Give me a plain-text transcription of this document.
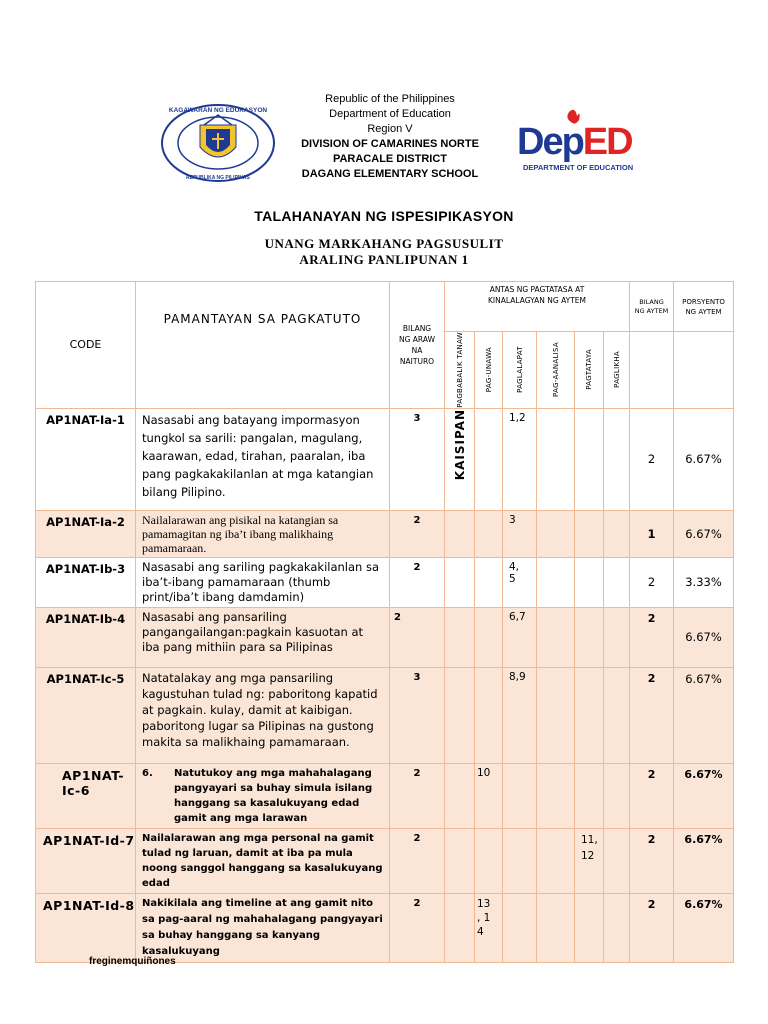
Republic of the Philippines
Department of Education
Region V
DIVISION OF CAMARINES NORTE
PARACALE DISTRICT
DAGANG ELEMENTARY SCHOOL
KAGAWARAN NG EDUKASYON
REPUBLIKA NG PILIPINAS
DepED
DEPARTMENT OF EDUCATION
TALAHANAYAN NG ISPESIPIKASYON
UNANG MARKAHANG PAGSUSULIT
ARALING PANLIPUNAN 1
CODE	PAMANTAYAN SA PAGKATUTO	BILANG NG ARAW NA NAITURO	ANTAS NG PAGTATASA AT KINALALAGYAN NG AYTEM						BILANG NG AYTEM	PORSYENTO NG AYTEM

			PAGBABALIK TANAW	PAG-UNAWA	PAGLALAPAT	PAG-AANALISA	PAGTATAYA	PAGLIKHA		

AP1NAT-Ia-1	Nasasabi ang batayang impormasyon tungkol sa sarili: pangalan, magulang, kaarawan, edad, tirahan, paaralan, iba pang pagkakakilanlan at mga katangian bilang Pilipino.	3	KAISIPAN		1,2				2	6.67%
AP1NAT-Ia-2	Nailalarawan ang pisikal na katangian sa pamamagitan ng iba’t ibang malikhaing pamamaraan.	2			3				1	6.67%
AP1NAT-Ib-3	Nasasabi ang sariling pagkakakilanlan sa iba’t-ibang pamamaraan (thumb print/iba’t ibang damdamin)	2			4, 5				2	3.33%
AP1NAT-Ib-4	Nasasabi ang pansariling pangangailangan:pagkain kasuotan at iba pang mithiin para sa Pilipinas	2			6,7				2	6.67%
AP1NAT-Ic-5	Natatalakay ang mga pansariling kagustuhan tulad ng: paboritong kapatid at pagkain. kulay, damit at kaibigan. paboritong lugar sa Pilipinas na gustong makita sa malikhaing pamamaraan.	3			8,9				2	6.67%
AP1NAT-Ic-6	6. Natutukoy ang mga mahahalagang pangyayari sa buhay simula isilang hanggang sa kasalukuyang edad gamit ang mga larawan	2		10					2	6.67%
AP1NAT-Id-7	Nailalarawan ang mga personal na gamit tulad ng laruan, damit at iba pa mula noong sanggol hanggang sa kasalukuyang edad	2					11, 12		2	6.67%
AP1NAT-Id-8	Nakikilala ang timeline at ang gamit nito sa pag-aaral ng mahahalagang pangyayari sa buhay hanggang sa kanyang kasalukuyang	2		13 , 14					2	6.67%
freginemquiñones
